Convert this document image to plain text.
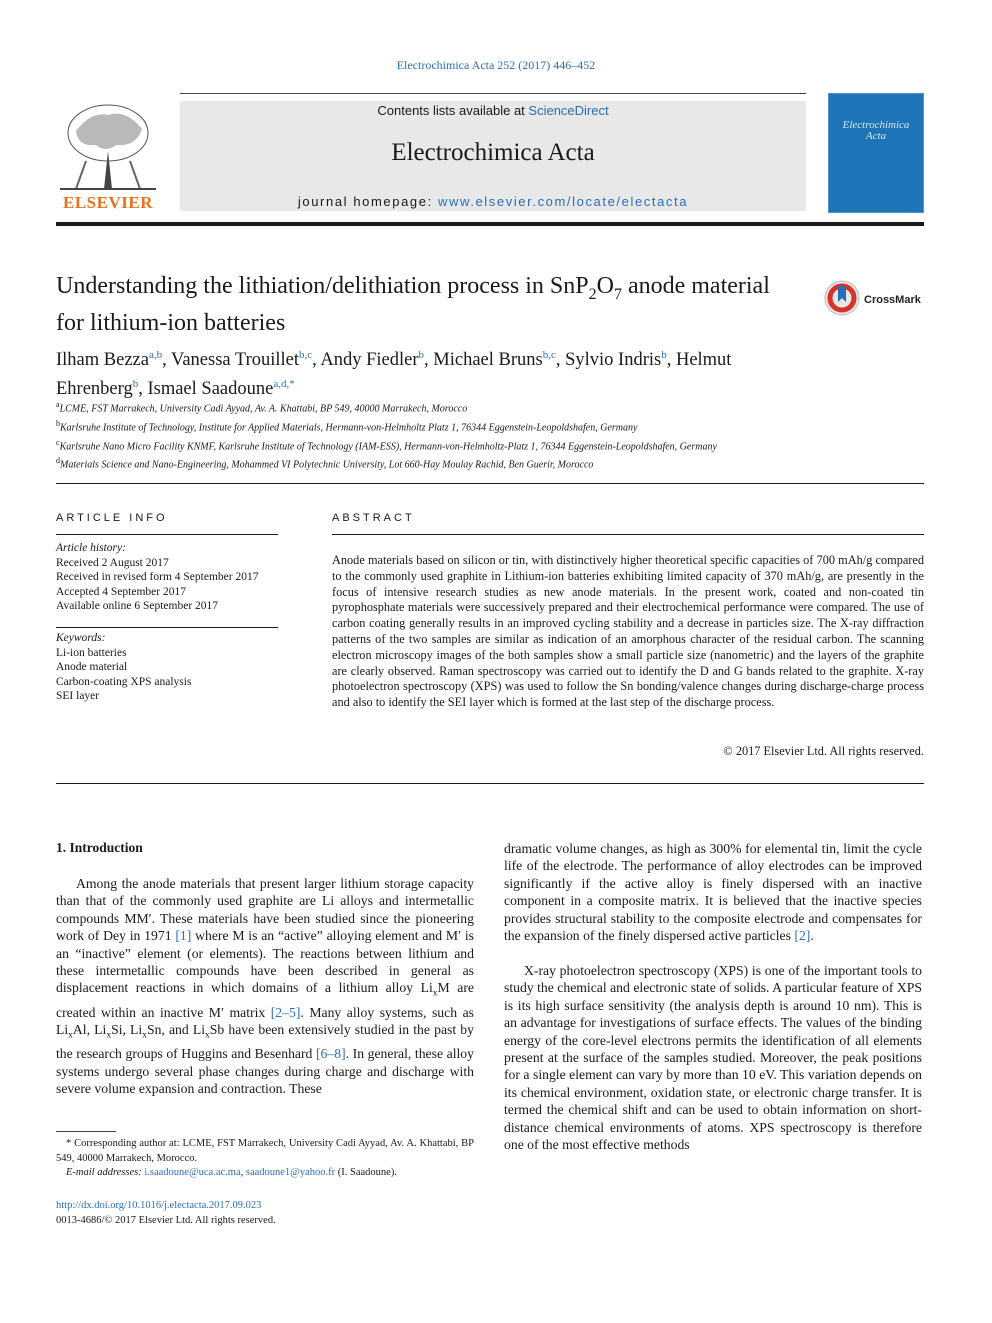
Electrochimica Acta 252 (2017) 446–452
ELSEVIER
Contents lists available at ScienceDirect
Electrochimica Acta
journal homepage: www.elsevier.com/locate/electacta
Electrochimica Acta
Understanding the lithiation/delithiation process in $SnP_2O_7$ anode material for lithium-ion batteries
CrossMark
Ilham Bezza$^{a,b}$, Vanessa Trouillet$^{b,c}$, Andy Fiedler$^b$, Michael Bruns$^{b,c}$, Sylvio Indris$^b$, Helmut Ehrenberg$^b$, Ismael Saadoune$^{a,d,*}$
$^a$LCME, FST Marrakech, University Cadi Ayyad, Av. A. Khattabi, BP 549, 40000 Marrakech, Morocco
$^b$Karlsruhe Institute of Technology, Institute for Applied Materials, Hermann-von-Helmholtz Platz 1, 76344 Eggenstein-Leopoldshafen, Germany
$^c$Karlsruhe Nano Micro Facility KNMF, Karlsruhe Institute of Technology (IAM-ESS), Hermann-von-Helmholtz-Platz 1, 76344 Eggenstein-Leopoldshafen, Germany
$^d$Materials Science and Nano-Engineering, Mohammed VI Polytechnic University, Lot 660-Hay Moulay Rachid, Ben Guerir, Morocco
ARTICLE INFO
Article history:
Received 2 August 2017
Received in revised form 4 September 2017
Accepted 4 September 2017
Available online 6 September 2017
Keywords:
Li-ion batteries
Anode material
Carbon-coating XPS analysis
SEI layer
ABSTRACT
Anode materials based on silicon or tin, with distinctively higher theoretical specific capacities of 700 mAh/g compared to the commonly used graphite in Lithium-ion batteries exhibiting limited capacity of 370 mAh/g, are presently in the focus of intensive research studies as new anode materials. In the present work, coated and non-coated tin pyrophosphate materials were successively prepared and their electrochemical performance were compared. The use of carbon coating generally results in an improved cycling stability and a decrease in particles size. The X-ray diffraction patterns of the two samples are similar as indication of an amorphous character of the residual carbon. The scanning electron microscopy images of the both samples show a small particle size (nanometric) and the layers of the graphite are clearly observed. Raman spectroscopy was carried out to identify the D and G bands related to the graphite. X-ray photoelectron spectroscopy (XPS) was used to follow the Sn bonding/valence changes during discharge-charge process and also to identify the SEI layer which is formed at the last step of the discharge process.
© 2017 Elsevier Ltd. All rights reserved.
1. Introduction
Among the anode materials that present larger lithium storage capacity than that of the commonly used graphite are Li alloys and intermetallic compounds MM′. These materials have been studied since the pioneering work of Dey in 1971 [1] where M is an “active” alloying element and M′ is an “inactive” element (or elements). The reactions between lithium and these intermetallic compounds have been described in general as displacement reactions in which domains of a lithium alloy $Li_xM$ are created within an inactive M′ matrix [2–5]. Many alloy systems, such as $Li_xAl$, $Li_xSi$, $Li_xSn$, and $Li_xSb$ have been extensively studied in the past by the research groups of Huggins and Besenhard [6–8]. In general, these alloy systems undergo several phase changes during charge and discharge with severe volume expansion and contraction. These
dramatic volume changes, as high as 300% for elemental tin, limit the cycle life of the electrode. The performance of alloy electrodes can be improved significantly if the active alloy is finely dispersed with an inactive component in a composite matrix. It is believed that the inactive species provides structural stability to the composite electrode and compensates for the expansion of the finely dispersed active particles [2].
X-ray photoelectron spectroscopy (XPS) is one of the important tools to study the chemical and electronic state of solids. A particular feature of XPS is its high surface sensitivity (the analysis depth is around 10 nm). This is an advantage for investigations of surface effects. The values of the binding energy of the core-level electrons permits the identification of all elements present at the surface of the samples studied. Moreover, the peak positions for a single element can vary by more than 10 eV. This variation depends on its chemical environment, oxidation state, or electronic charge transfer. It is termed the chemical shift and can be used to obtain information on short-distance chemical environments of atoms. XPS spectroscopy is therefore one of the most effective methods
* Corresponding author at: LCME, FST Marrakech, University Cadi Ayyad, Av. A. Khattabi, BP 549, 40000 Marrakech, Morocco.
E-mail addresses: i.saadoune@uca.ac.ma, saadoune1@yahoo.fr (I. Saadoune).
http://dx.doi.org/10.1016/j.electacta.2017.09.023
0013-4686/© 2017 Elsevier Ltd. All rights reserved.
